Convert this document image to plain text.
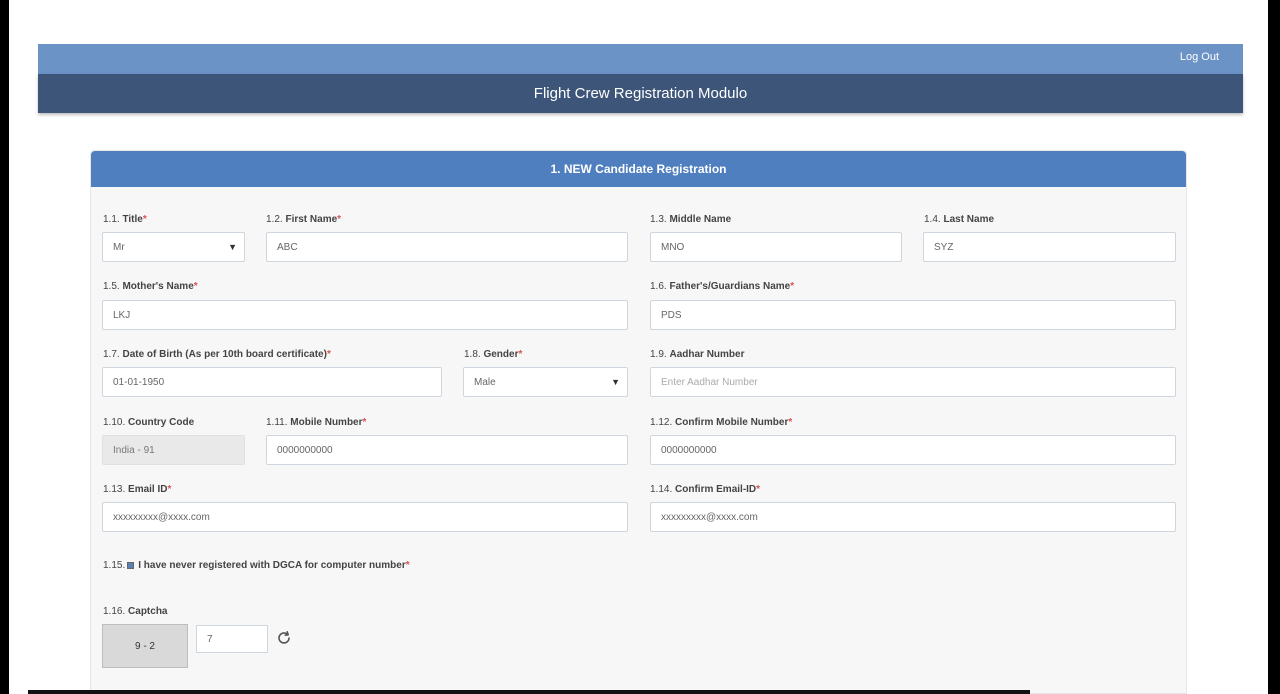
Log Out
Flight Crew Registration Modulo
1. NEW Candidate Registration
1.1. Title*
Mr	▼
1.2. First Name*
ABC
1.3. Middle Name
MNO
1.4. Last Name
SYZ
1.5. Mother's Name*
LKJ
1.6. Father's/Guardians Name*
PDS
1.7. Date of Birth (As per 10th board certificate)*
01-01-1950
1.8. Gender*
Male	▼
1.9. Aadhar Number
Enter Aadhar Number
1.10. Country Code
India - 91
1.11. Mobile Number*
0000000000
1.12. Confirm Mobile Number*
0000000000
1.13. Email ID*
xxxxxxxxx@xxxx.com
1.14. Confirm Email-ID*
xxxxxxxxx@xxxx.com
1.15. I have never registered with DGCA for computer number*
1.16. Captcha
9 - 2
7
